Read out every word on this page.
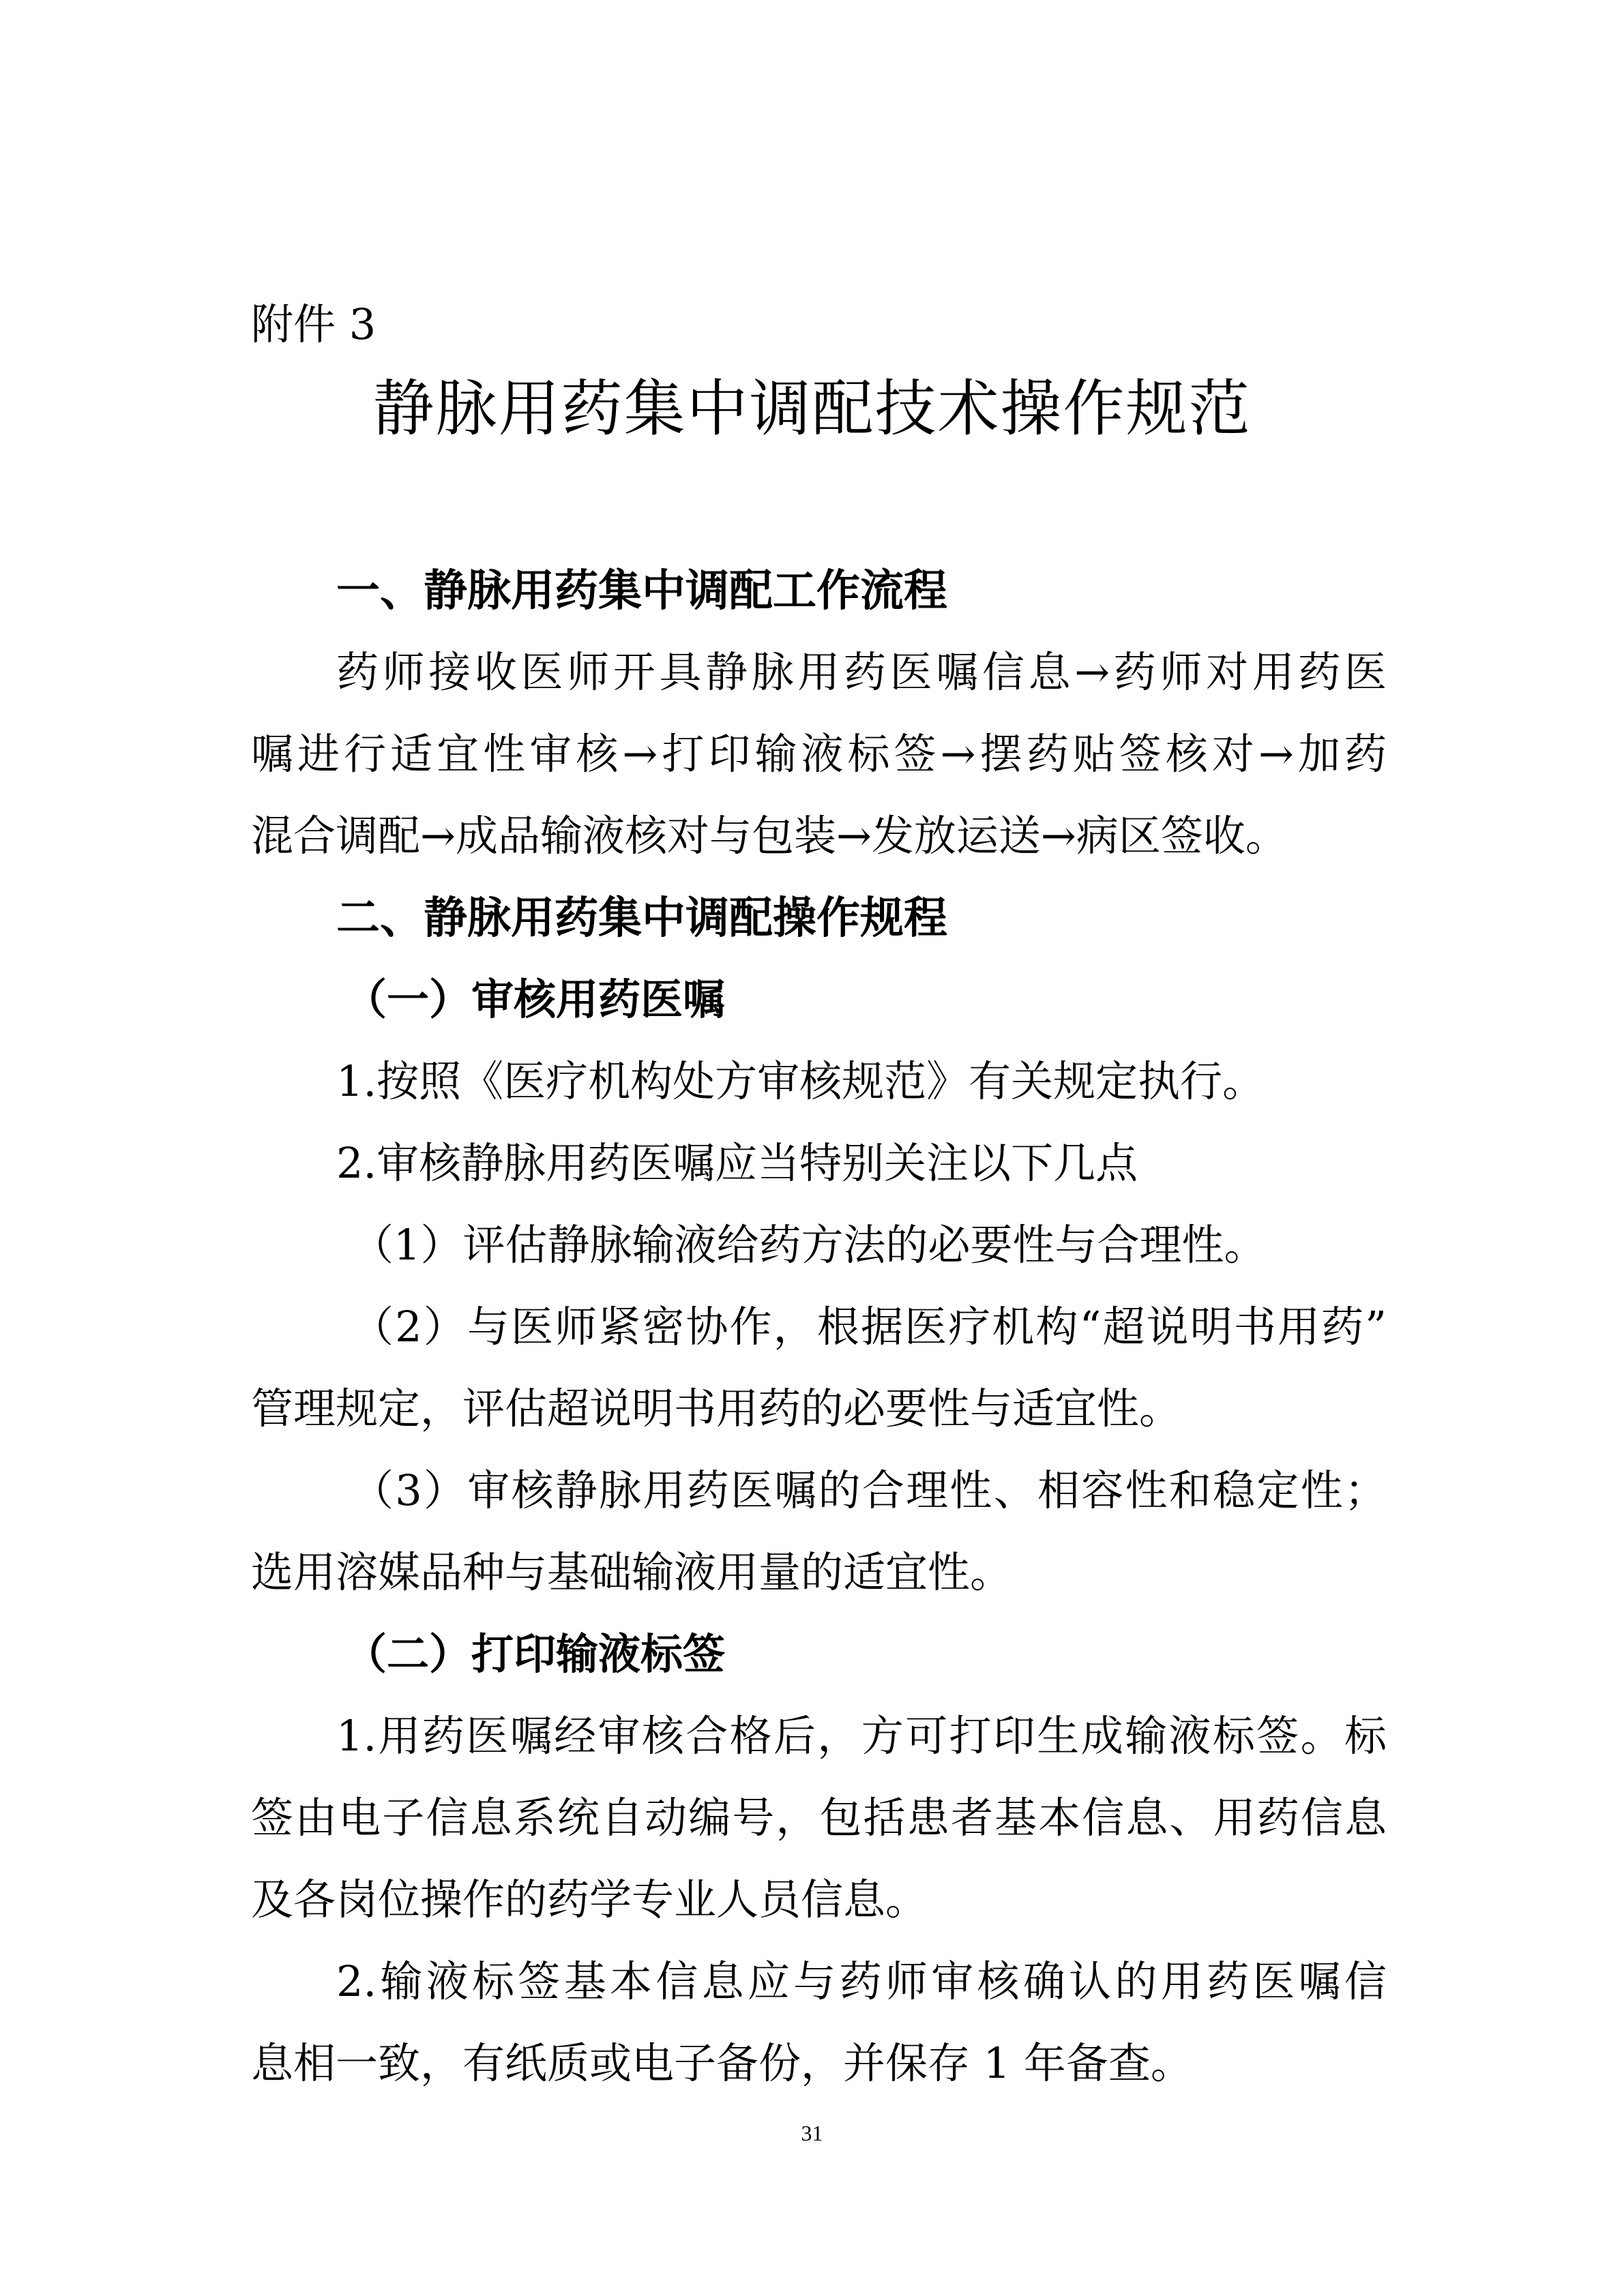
附件 3
静脉用药集中调配技术操作规范
一、静脉用药集中调配工作流程
药师接收医师开具静脉用药医嘱信息→药师对用药医
嘱进行适宜性审核→打印输液标签→摆药贴签核对→加药
混合调配→成品输液核对与包装→发放运送→病区签收。
二、静脉用药集中调配操作规程
（一）审核用药医嘱
1.按照《医疗机构处方审核规范》有关规定执行。
2.审核静脉用药医嘱应当特别关注以下几点
（1）评估静脉输液给药方法的必要性与合理性。
（2）与医师紧密协作，根据医疗机构“超说明书用药”
管理规定，评估超说明书用药的必要性与适宜性。
（3）审核静脉用药医嘱的合理性、相容性和稳定性；
选用溶媒品种与基础输液用量的适宜性。
（二）打印输液标签
1.用药医嘱经审核合格后，方可打印生成输液标签。标
签由电子信息系统自动编号，包括患者基本信息、用药信息
及各岗位操作的药学专业人员信息。
2.输液标签基本信息应与药师审核确认的用药医嘱信
息相一致，有纸质或电子备份，并保存 1 年备查。
31
